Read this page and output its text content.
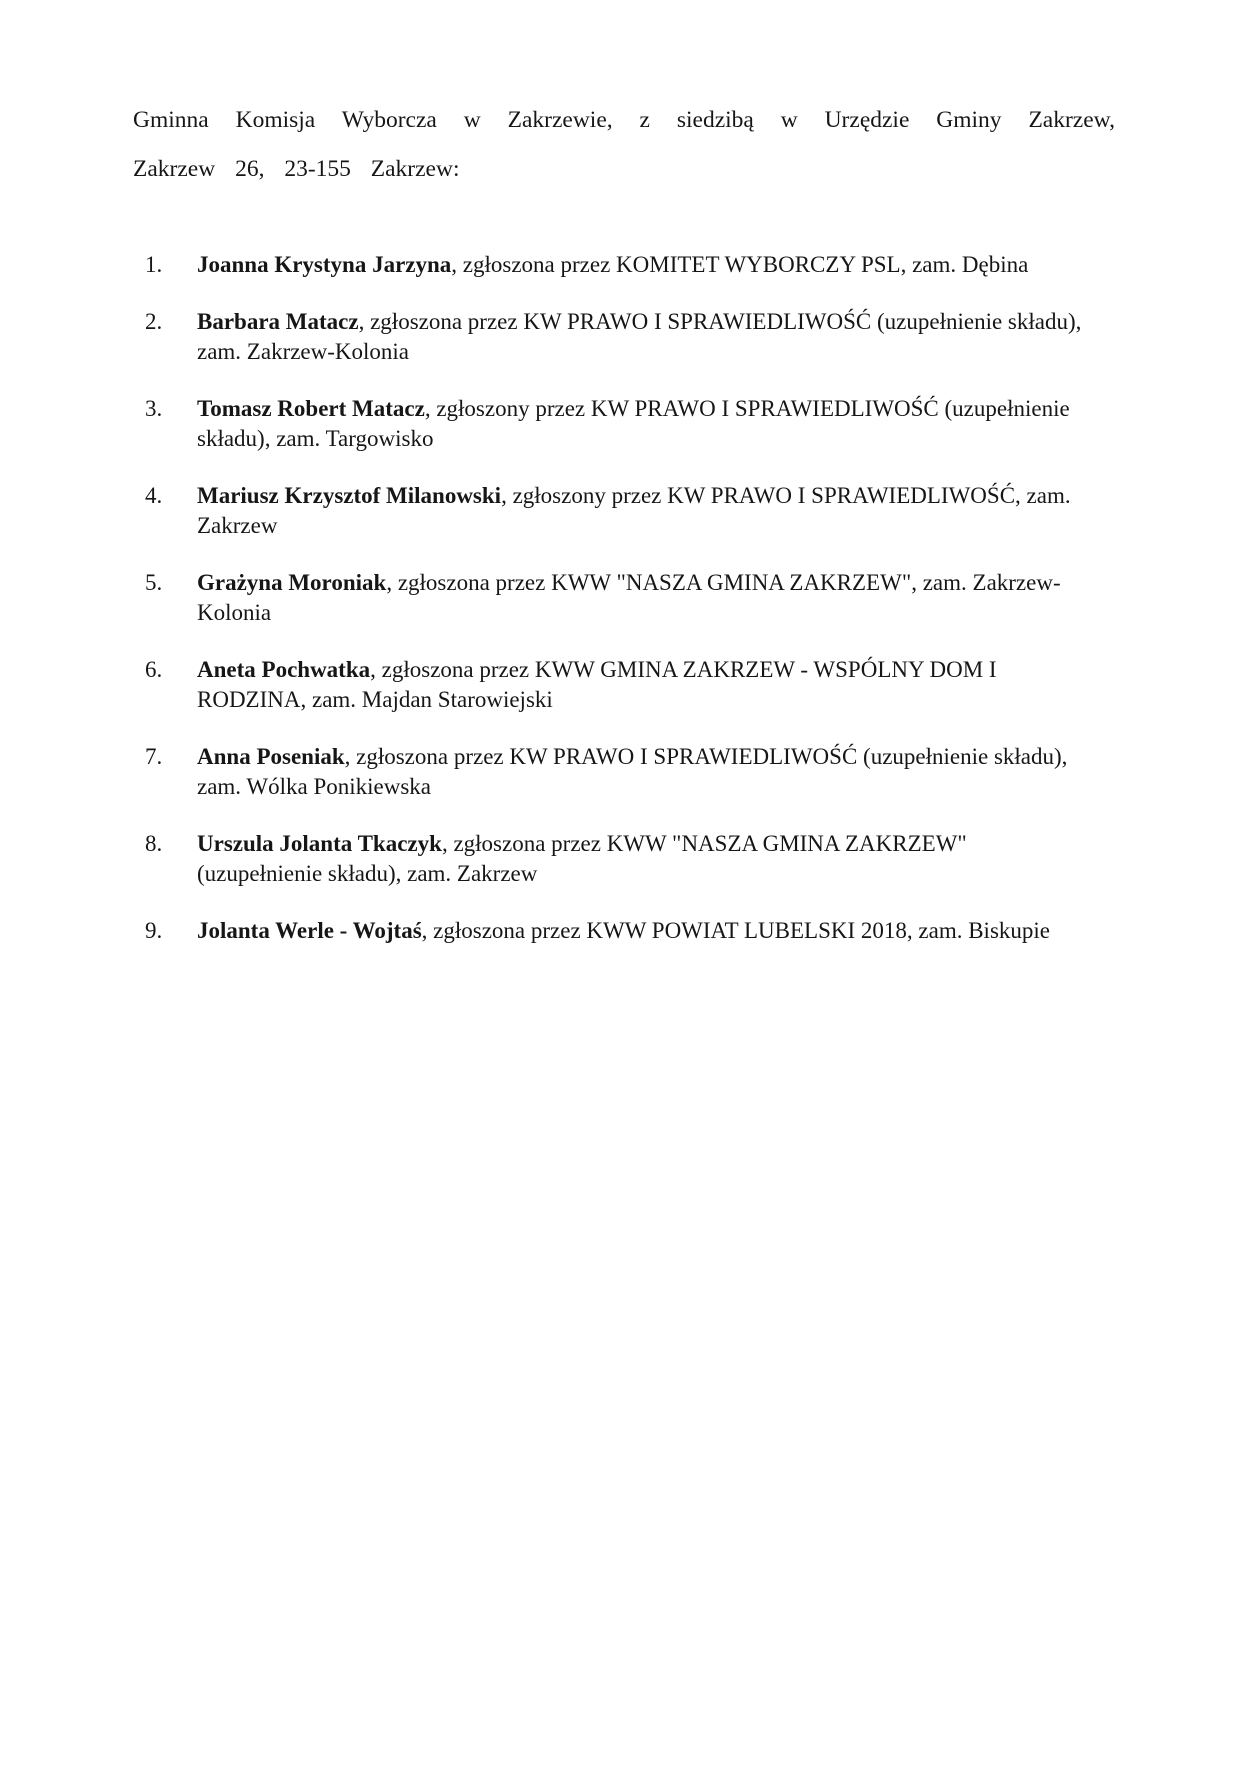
Gminna Komisja Wyborcza w Zakrzewie, z siedzibą w Urzędzie Gminy Zakrzew, Zakrzew 26, 23-155 Zakrzew:

1.	Joanna Krystyna Jarzyna, zgłoszona przez KOMITET WYBORCZY PSL, zam. Dębina

2.	Barbara Matacz, zgłoszona przez KW PRAWO I SPRAWIEDLIWOŚĆ (uzupełnienie składu), zam. Zakrzew-Kolonia

3.	Tomasz Robert Matacz, zgłoszony przez KW PRAWO I SPRAWIEDLIWOŚĆ (uzupełnienie składu), zam. Targowisko

4.	Mariusz Krzysztof Milanowski, zgłoszony przez KW PRAWO I SPRAWIEDLIWOŚĆ, zam. Zakrzew

5.	Grażyna Moroniak, zgłoszona przez KWW "NASZA GMINA ZAKRZEW", zam. Zakrzew-Kolonia

6.	Aneta Pochwatka, zgłoszona przez KWW GMINA ZAKRZEW - WSPÓLNY DOM I RODZINA, zam. Majdan Starowiejski

7.	Anna Poseniak, zgłoszona przez KW PRAWO I SPRAWIEDLIWOŚĆ (uzupełnienie składu), zam. Wólka Ponikiewska

8.	Urszula Jolanta Tkaczyk, zgłoszona przez KWW "NASZA GMINA ZAKRZEW" (uzupełnienie składu), zam. Zakrzew

9.	Jolanta Werle - Wojtaś, zgłoszona przez KWW POWIAT LUBELSKI 2018, zam. Biskupie
